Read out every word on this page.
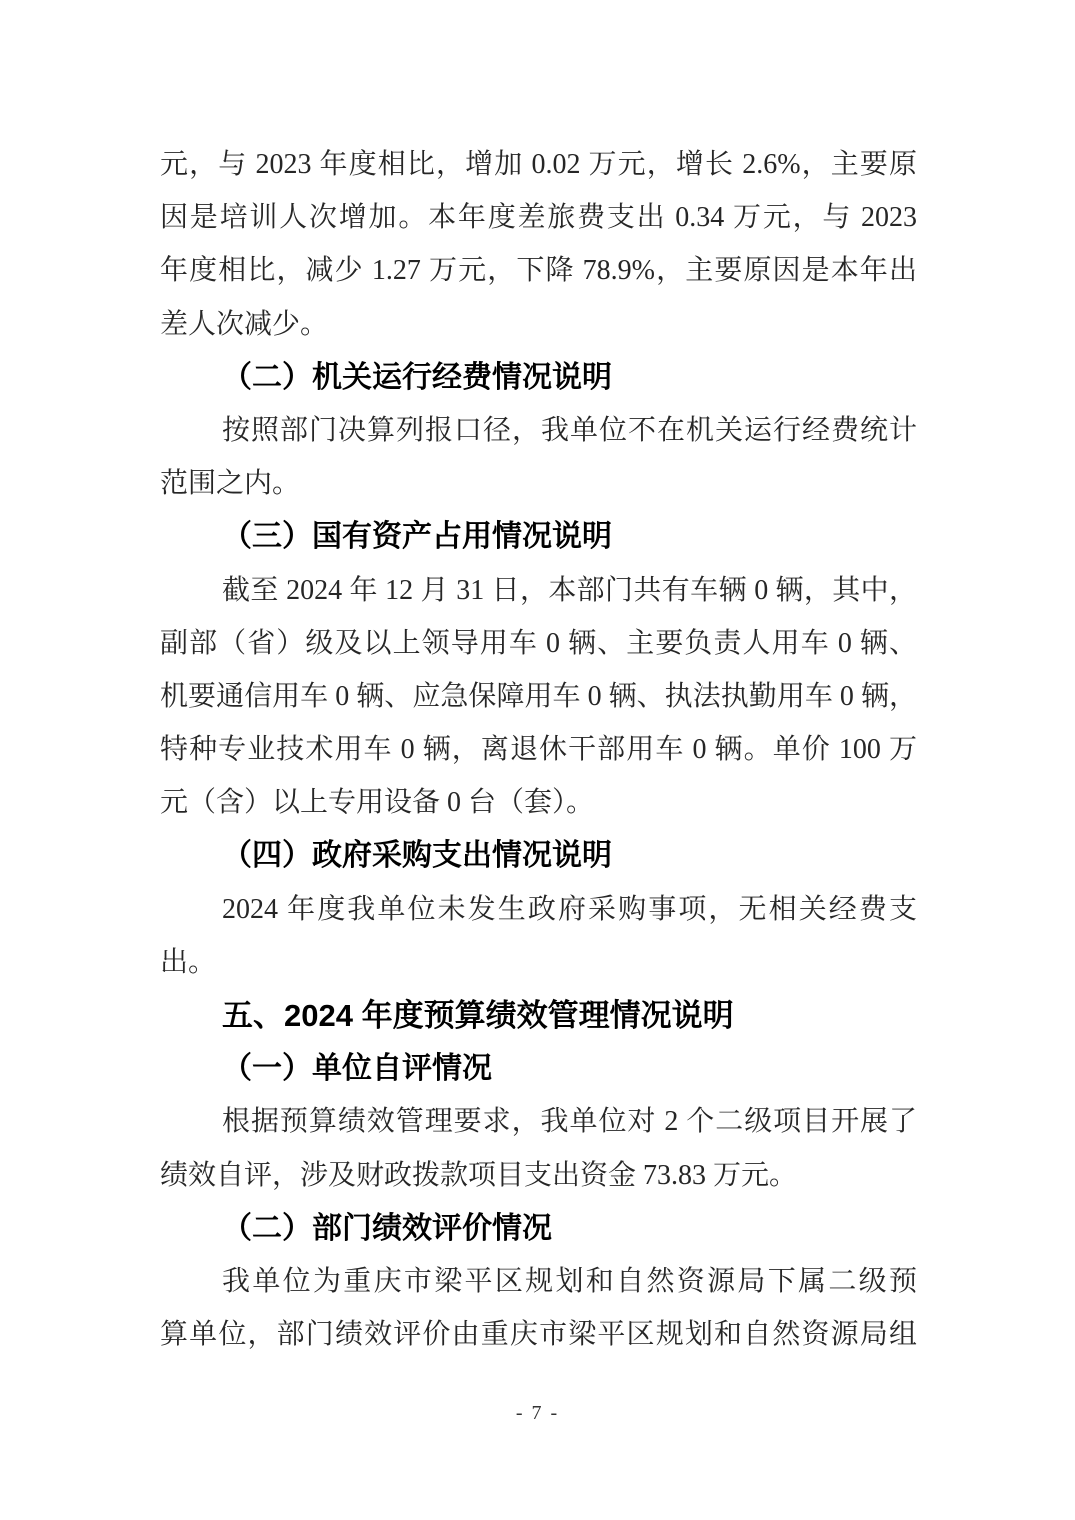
元，与 2023 年度相比，增加 0.02 万元，增长 2.6%，主要原
因是培训人次增加。本年度差旅费支出 0.34 万元，与 2023
年度相比，减少 1.27 万元，下降 78.9%，主要原因是本年出
差人次减少。
（二）机关运行经费情况说明
按照部门决算列报口径，我单位不在机关运行经费统计
范围之内。
（三）国有资产占用情况说明
截至 2024 年 12 月 31 日，本部门共有车辆 0 辆，其中，
副部（省）级及以上领导用车 0 辆、主要负责人用车 0 辆、
机要通信用车 0 辆、应急保障用车 0 辆、执法执勤用车 0 辆，
特种专业技术用车 0 辆，离退休干部用车 0 辆。单价 100 万
元（含）以上专用设备 0 台（套）。
（四）政府采购支出情况说明
2024 年度我单位未发生政府采购事项，无相关经费支
出。
五、2024 年度预算绩效管理情况说明
（一）单位自评情况
根据预算绩效管理要求，我单位对 2 个二级项目开展了
绩效自评，涉及财政拨款项目支出资金 73.83 万元。
（二）部门绩效评价情况
我单位为重庆市梁平区规划和自然资源局下属二级预
算单位，部门绩效评价由重庆市梁平区规划和自然资源局组
- 7 -
